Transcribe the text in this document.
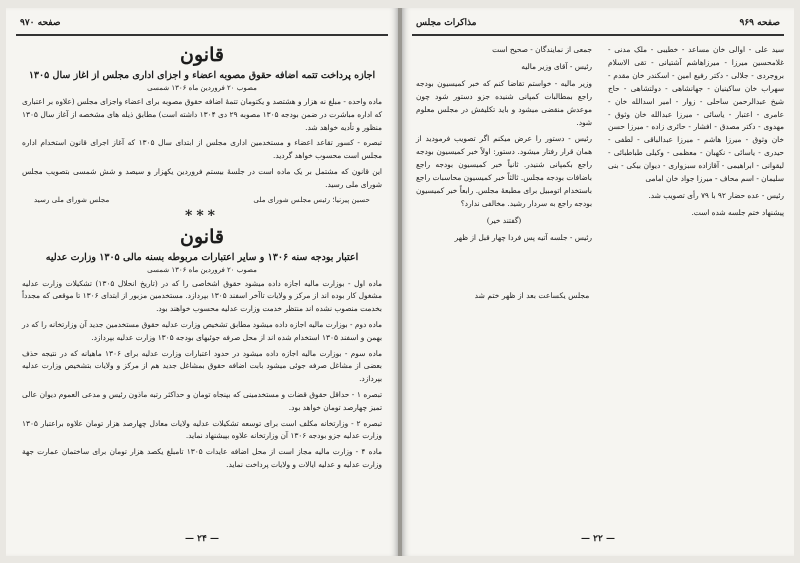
صفحه ۹۷۰
قانون
اجازه پرداخت تتمه اضافه حقوق مصوبه اعضاء و اجزای اداری مجلس از اغاز سال ۱۳۰۵
مصوب ۲۰ فروردین ماه ۱۳۰۶ شمسی

ماده واحده - مبلغ نه هزار و هشتصد و یکتومان تتمهٔ اضافه حقوق مصوبه برای اعضاء واجزای مجلس (علاوه بر اعتباری که اداره مباشرت در ضمن بودجه ۱۳۰۵ مصوبه ۲۹ دی ۱۳۰۴ داشته است) مطابق ذیله های مشخصه از آغاز سال ۱۳۰۵ منظور و تأدیه خواهد شد.

تبصره - کسور تقاعد اعضاء و مستخدمین اداری مجلس از ابتدای سال ۱۳۰۵ که آغاز اجرای قانون استخدام اداره مجلس است محسوب خواهد گردید.

این قانون که مشتمل بر یک ماده است در جلسهٔ بیستم فروردین یکهزار و سیصد و شش شمسی بتصویب مجلس شورای ملی رسید.

حسین پیرنیا؛ رئیس مجلس شورای ملی
مجلس شورای ملی رسید
***
قانون
اعتبار بودجه سنه ۱۳۰۶ و سایر اعتبارات مربوطه بسنه مالی ۱۳۰۵ وزارت عدلیه
مصوب ۲۰ فروردین ماه ۱۳۰۶ شمسی

ماده اول - بوزارت مالیه اجازه داده میشود حقوق اشخاصی را که در (تاریخ انحلال ۱۳۰۵) تشکیلات وزارت عدلیه مشغول کار بوده اند از مرکز و ولایات تاآخر اسفند ۱۳۰۵ بپردازد. مستخدمین مزبور از ابتدای ۱۳۰۶ تا موقعی که مجدداً بخدمت منصوب نشده اند منتظر خدمت وزارت عدلیه محسوب خواهند بود.

ماده دوم - بوزارت مالیه اجازه داده میشود مطابق تشخیص وزارت عدلیه حقوق مستخدمین جدید آن وزارتخانه را که در بهمن و اسفند ۱۳۰۵ استخدام شده اند از محل صرفه جوئیهای بودجه ۱۳۰۵ وزارت عدلیه بپردازد.

ماده سوم - بوزارت مالیه اجازه داده میشود در حدود اعتبارات وزارت عدلیه برای ۱۳۰۶ ماهیانه که در نتیجه حذف بعضی از مشاغل صرفه جوئی میشود بابت اضافه حقوق بمشاغل جدید هم از مرکز و ولایات بتشخیص وزارت عدلیه بپردازد.

تبصره ۱ - حداقل حقوق قضات و مستخدمینی که بپنجاه تومان و حداکثر رتبه ماذون رئیس و مدعی العموم دیوان عالی تمیز چهارصد تومان خواهد بود.

تبصره ۲ - وزارتخانه مکلف است برای توسعه تشکیلات عدلیه ولایات معادل چهارصد هزار تومان علاوه براعتبار ۱۳۰۵ وزارت عدلیه جزو بودجه ۱۳۰۶ آن وزارتخانه علاوه بپیشنهاد نماید.

ماده ۴ - وزارت مالیه مجاز است از محل اضافه عایدات ۱۳۰۵ تامبلغ یکصد هزار تومان برای ساختمان عمارت جهة وزارت عدلیه و عدلیه ایالات و ولایات پرداخت نماید.

— ۲۴ —
صفحه ۹۶۹
مذاکرات مجلس

سید علی - اوالی خان مساعد - خطیبی - ملک مدنی - غلامحسین میرزا - میرزاهاشم آشتیانی - تقی الاسلام بروجردی - جلالی - دکتر رفیع امین - اسکندر خان مقدم - سهراب خان ساکینیان - جهانشاهی - دولتشاهی - حاج شیخ عبدالرحمن ساحلی - زوار - امیر اسدالله خان - عامری - اعتبار - یاسائی - میرزا عبدالله خان وثوق - مهدوی - دکتر مصدق - افشار - حائری زاده - میرزا حسن خان وثوق - میرزا هاشم - میرزا عبدالباقی - لطفی - حیدری - یاسائی - نکهبان - معظمی - وکیلی طباطبائی - لیقوانی - ابراهیمی - آقازاده سبزواری - دیوان بیکی - بنی سلیمان - اسم محاف - میرزا جواد خان امامی

رئیس - عده حضار ۹۲ با ۷۹ رأی تصویب شد.

پیشنهاد ختم جلسه شده است.

جمعی از نمایندگان - صحیح است

رئیس - آقای وزیر مالیه

وزیر مالیه - خواستم تقاضا کنم که خبر کمیسیون بودجه راجع بمطالبات کمپانی شنیده جزو دستور شود چون موعدش منقضی میشود و باید تکلیفش در مجلس معلوم شود.

رئیس - دستور را عرض میکنم اگر تصویب فرمودید از همان قرار رفتار میشود. دستور: اولاً خبر کمیسیون بودجه راجع بکمپانی شنیدر. ثانیاً خبر کمیسیون بودجه راجع باضافات بودجه مجلس. ثالثاً خبر کمیسیون محاسبات راجع باستخدام اتومبیل برای مطبعهٔ مجلس. رابعاً خبر کمیسیون بودجه راجع به سردار رشید. مخالفی ندارد؟

(گفتند خیر)

رئیس - جلسه آتیه پس فردا چهار قبل از ظهر

مجلس یکساعت بعد از ظهر ختم شد
— ۲۲ —
